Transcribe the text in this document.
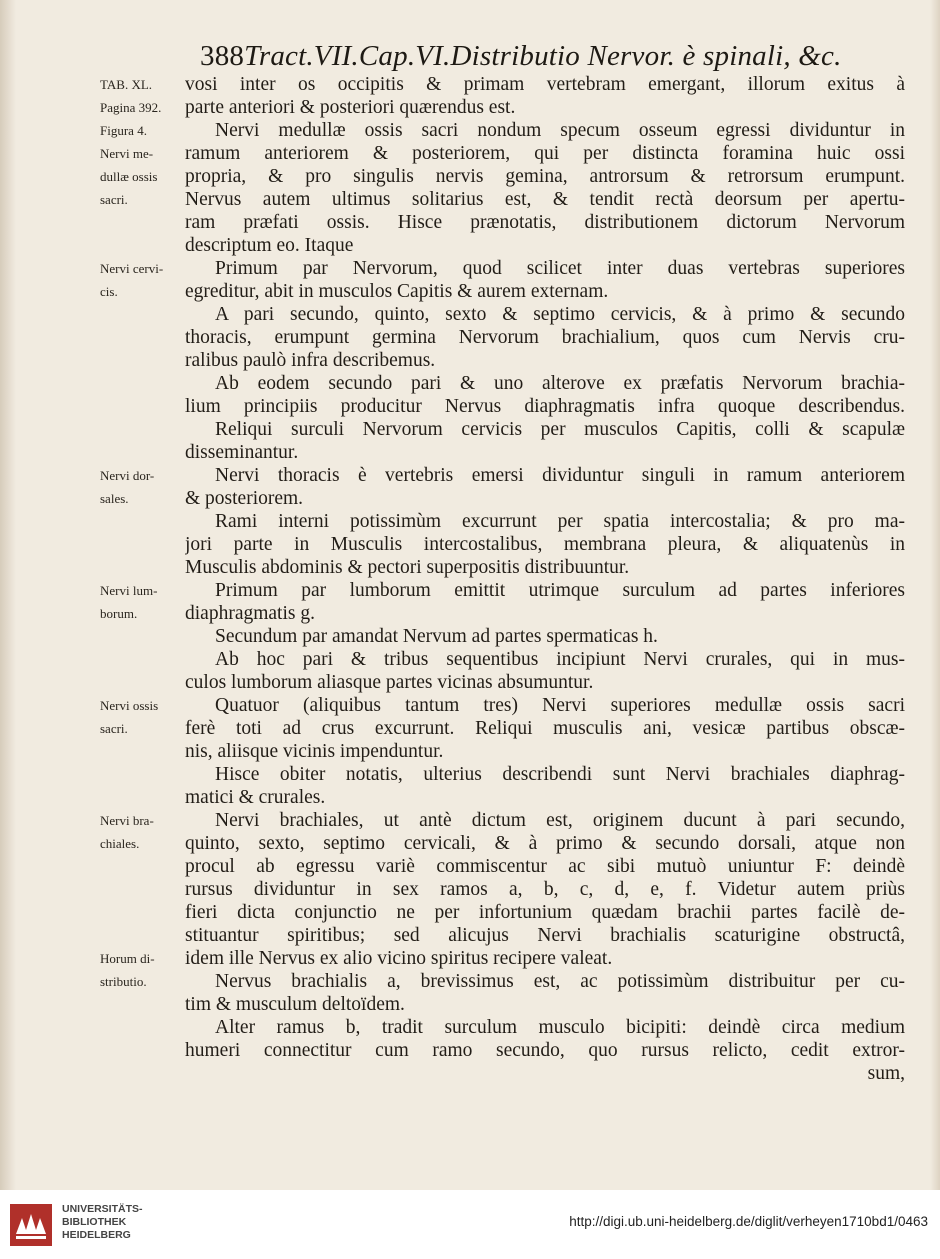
388Tract.VII.Cap.VI.Distributio Nervor. è spinali, &c.
TAB. XL.
Pagina 392.
Figura 4.
Nervi me-
dullæ ossis
sacri.
Nervi cervi-
cis.
Nervi dor-
sales.
Nervi lum-
borum.
Nervi ossis
sacri.
Nervi bra-
chiales.
Horum di-
stributio.
vosi inter os occipitis & primam vertebram emergant, illorum exitus à
parte anteriori & posteriori quærendus est.
Nervi medullæ ossis sacri nondum specum osseum egressi dividuntur in
ramum anteriorem & posteriorem, qui per distincta foramina huic ossi
propria, & pro singulis nervis gemina, antrorsum & retrorsum erumpunt.
Nervus autem ultimus solitarius est, & tendit rectà deorsum per apertu-
ram præfati ossis. Hisce prænotatis, distributionem dictorum Nervorum
descriptum eo. Itaque
Primum par Nervorum, quod scilicet inter duas vertebras superiores
egreditur, abit in musculos Capitis & aurem externam.
A pari secundo, quinto, sexto & septimo cervicis, & à primo & secundo
thoracis, erumpunt germina Nervorum brachialium, quos cum Nervis cru-
ralibus paulò infra describemus.
Ab eodem secundo pari & uno alterove ex præfatis Nervorum brachia-
lium principiis producitur Nervus diaphragmatis infra quoque describendus.
Reliqui surculi Nervorum cervicis per musculos Capitis, colli & scapulæ
disseminantur.
Nervi thoracis è vertebris emersi dividuntur singuli in ramum anteriorem
& posteriorem.
Rami interni potissimùm excurrunt per spatia intercostalia; & pro ma-
jori parte in Musculis intercostalibus, membrana pleura, & aliquatenùs in
Musculis abdominis & pectori superpositis distribuuntur.
Primum par lumborum emittit utrimque surculum ad partes inferiores
diaphragmatis g.
Secundum par amandat Nervum ad partes spermaticas h.
Ab hoc pari & tribus sequentibus incipiunt Nervi crurales, qui in mus-
culos lumborum aliasque partes vicinas absumuntur.
Quatuor (aliquibus tantum tres) Nervi superiores medullæ ossis sacri
ferè toti ad crus excurrunt. Reliqui musculis ani, vesicæ partibus obscæ-
nis, aliisque vicinis impenduntur.
Hisce obiter notatis, ulterius describendi sunt Nervi brachiales diaphrag-
matici & crurales.
Nervi brachiales, ut antè dictum est, originem ducunt à pari secundo,
quinto, sexto, septimo cervicali, & à primo & secundo dorsali, atque non
procul ab egressu variè commiscentur ac sibi mutuò uniuntur F: deindè
rursus dividuntur in sex ramos a, b, c, d, e, f. Videtur autem priùs
fieri dicta conjunctio ne per infortunium quædam brachii partes facilè de-
stituantur spiritibus; sed alicujus Nervi brachialis scaturigine obstructâ,
idem ille Nervus ex alio vicino spiritus recipere valeat.
Nervus brachialis a, brevissimus est, ac potissimùm distribuitur per cu-
tim & musculum deltoïdem.
Alter ramus b, tradit surculum musculo bicipiti: deindè circa medium
humeri connectitur cum ramo secundo, quo rursus relicto, cedit extror-
sum,
UNIVERSITÄTS-
BIBLIOTHEK
HEIDELBERG
http://digi.ub.uni-heidelberg.de/diglit/verheyen1710bd1/0463
